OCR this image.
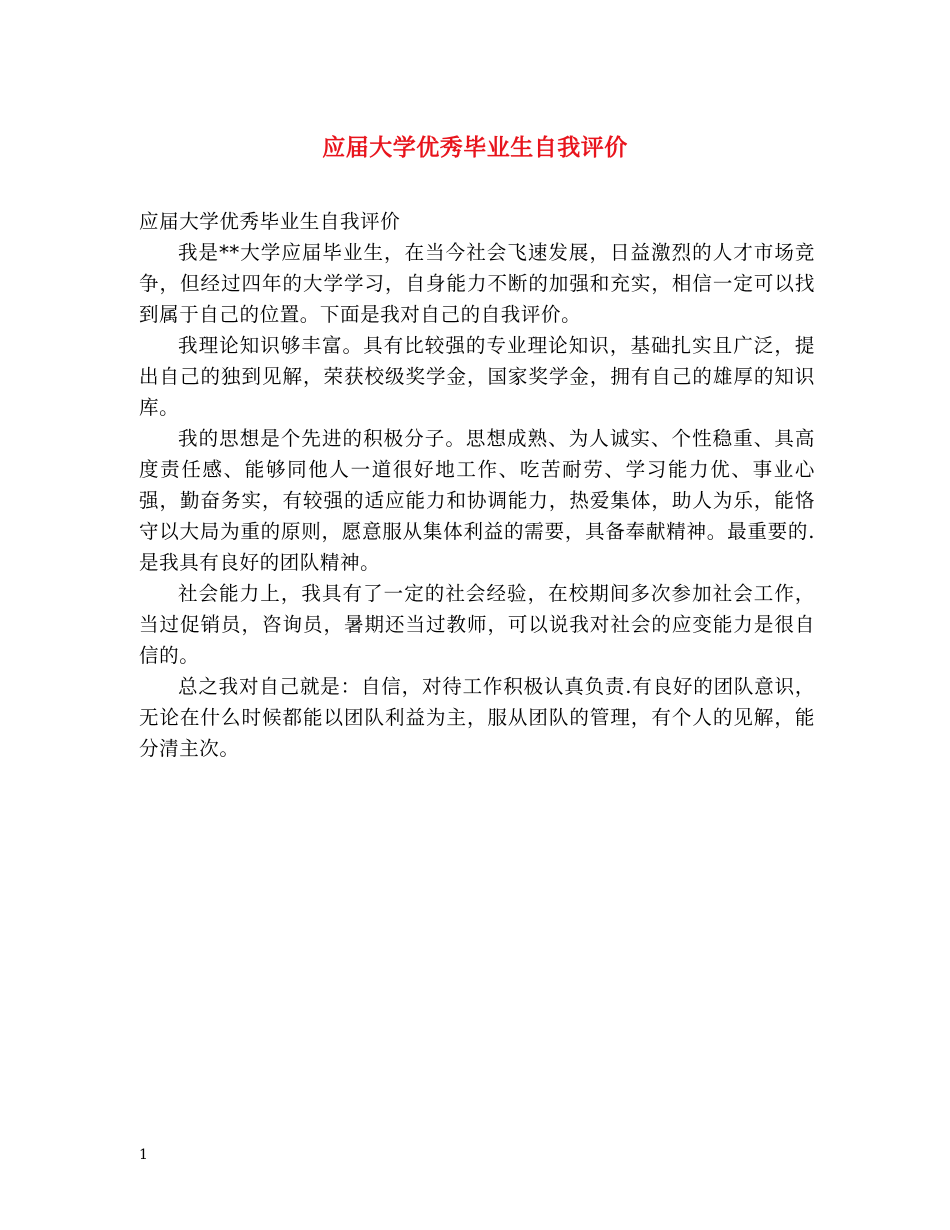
应届大学优秀毕业生自我评价

应届大学优秀毕业生自我评价

我是**大学应届毕业生，在当今社会飞速发展，日益激烈的人才市场竞争，但经过四年的大学学习，自身能力不断的加强和充实，相信一定可以找到属于自己的位置。下面是我对自己的自我评价。

我理论知识够丰富。具有比较强的专业理论知识，基础扎实且广泛，提出自己的独到见解，荣获校级奖学金，国家奖学金，拥有自己的雄厚的知识库。

我的思想是个先进的积极分子。思想成熟、为人诚实、个性稳重、具高度责任感、能够同他人一道很好地工作、吃苦耐劳、学习能力优、事业心强，勤奋务实，有较强的适应能力和协调能力，热爱集体，助人为乐，能恪守以大局为重的原则，愿意服从集体利益的需要，具备奉献精神。最重要的.是我具有良好的团队精神。

社会能力上，我具有了一定的社会经验，在校期间多次参加社会工作，当过促销员，咨询员，暑期还当过教师，可以说我对社会的应变能力是很自信的。

总之我对自己就是：自信，对待工作积极认真负责.有良好的团队意识，无论在什么时候都能以团队利益为主，服从团队的管理，有个人的见解，能分清主次。

1
